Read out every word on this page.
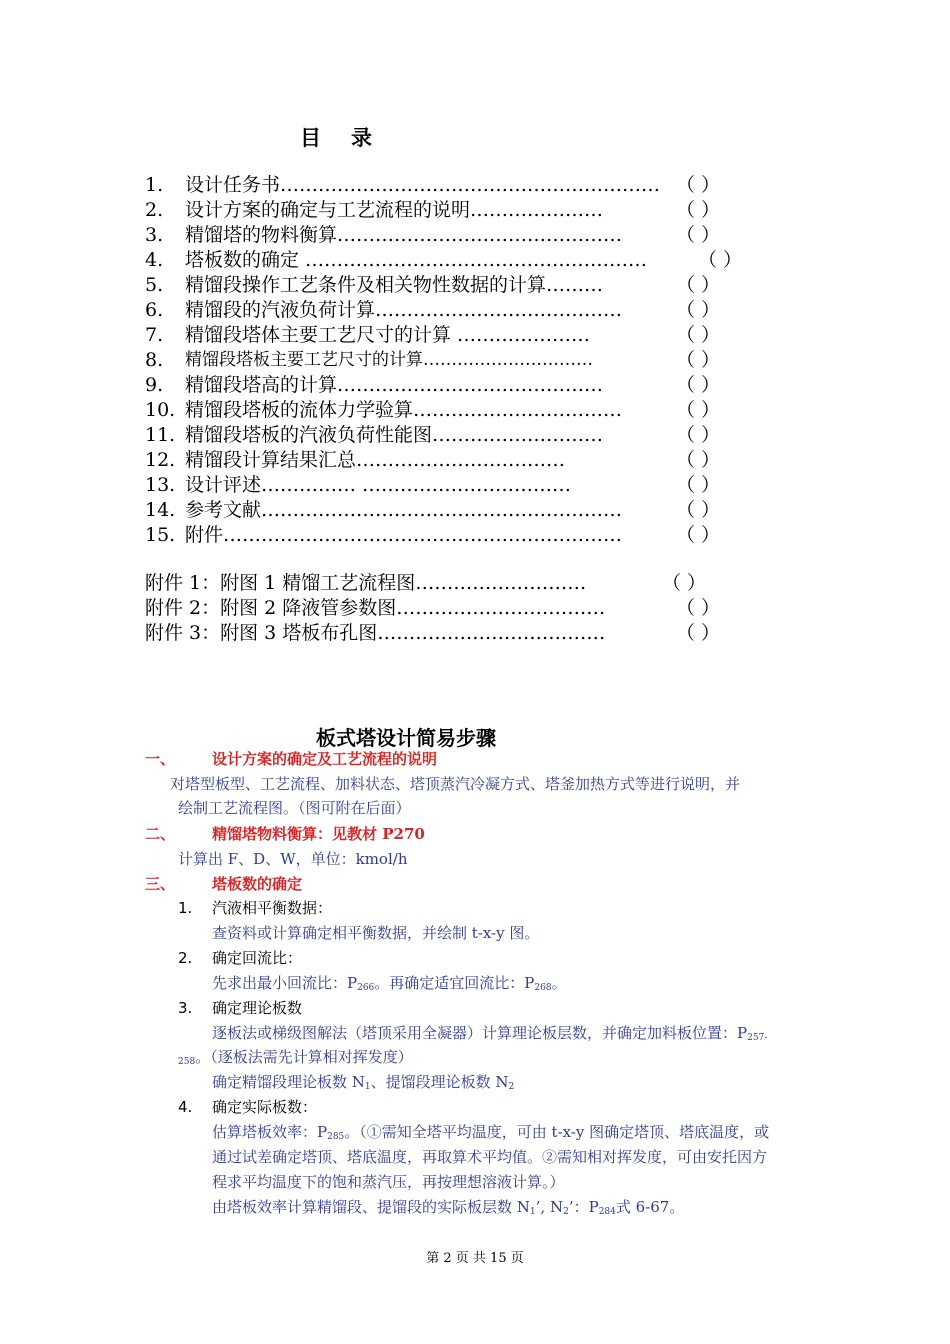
目 录
1. 设计任务书…………………………………………………… （ ）
2. 设计方案的确定与工艺流程的说明…………………	（ ）
3. 精馏塔的物料衡算………………………………………	（ ）
4. 塔板数的确定 ………………………………………………	（ ）
5. 精馏段操作工艺条件及相关物性数据的计算………	（ ）
6. 精馏段的汽液负荷计算…………………………………	（ ）
7. 精馏段塔体主要工艺尺寸的计算 …………………	（ ）
8. 精馏段塔板主要工艺尺寸的计算…………………………	（ ）
9. 精馏段塔高的计算……………………………………	（ ）
10. 精馏段塔板的流体力学验算……………………………	（ ）
11. 精馏段塔板的汽液负荷性能图………………………	（ ）
12. 精馏段计算结果汇总……………………………	（ ）
13. 设计评述…………… ……………………………	（ ）
14. 参考文献…………………………………………………	（ ）
15. 附件………………………………………………………	（ ）
附件 1：附图 1 精馏工艺流程图………………………	（ ）
附件 2：附图 2 降液管参数图……………………………	（ ）
附件 3：附图 3 塔板布孔图………………………………	（ ）
板式塔设计简易步骤
一、 设计方案的确定及工艺流程的说明
对塔型板型、工艺流程、加料状态、塔顶蒸汽冷凝方式、塔釜加热方式等进行说明，并
绘制工艺流程图。（图可附在后面）
二、 精馏塔物料衡算：见教材 P270
计算出 F、D、W，单位：kmol/h
三、 塔板数的确定
1. 汽液相平衡数据：
查资料或计算确定相平衡数据，并绘制 t-x-y 图。
2. 确定回流比：
先求出最小回流比：$P_{266}$。再确定适宜回流比：$P_{268}$。
3. 确定理论板数
逐板法或梯级图解法（塔顶采用全凝器）计算理论板层数，并确定加料板位置：$P_{257-}$
$_{258}$。（逐板法需先计算相对挥发度）
确定精馏段理论板数 $N_1$、提馏段理论板数 $N_2$
4. 确定实际板数：
估算塔板效率：$P_{285}$。（①需知全塔平均温度，可由 t-x-y 图确定塔顶、塔底温度，或
通过试差确定塔顶、塔底温度，再取算术平均值。②需知相对挥发度，可由安托因方
程求平均温度下的饱和蒸汽压，再按理想溶液计算。）
由塔板效率计算精馏段、提馏段的实际板层数 $N_1$’, $N_2$’：$P_{284}$式 6-67。
第 2 页 共 15 页
